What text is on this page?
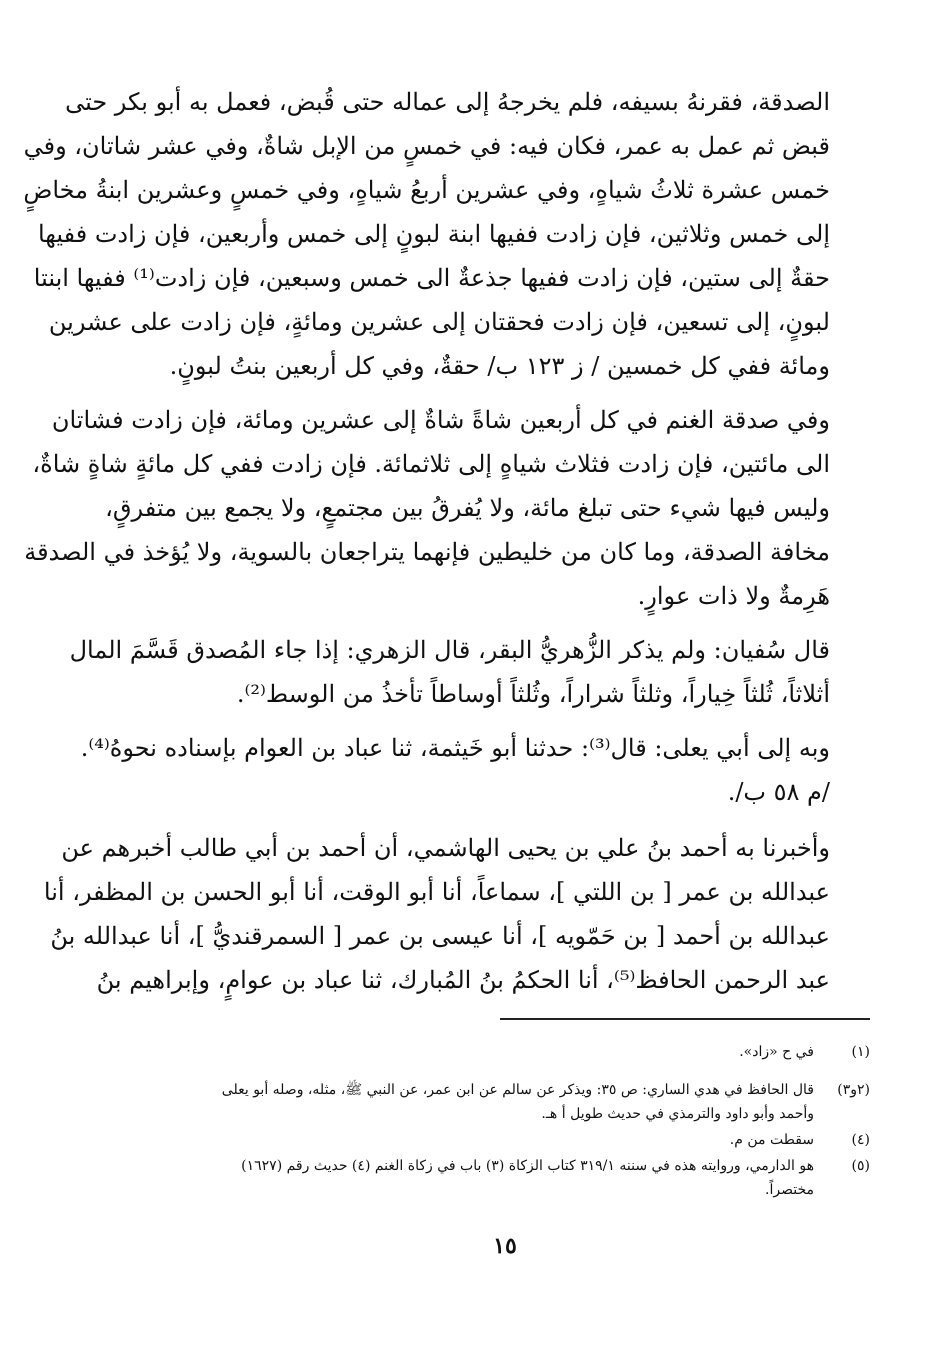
الصدقة، فقرنهُ بسيفه، فلم يخرجهُ إلى عماله حتى قُبض، فعمل به أبو بكر حتى
قبض ثم عمل به عمر، فكان فيه: في خمسٍ من الإبل شاةٌ، وفي عشر شاتان، وفي
خمس عشرة ثلاثُ شياهٍ، وفي عشرين أربعُ شياهٍ، وفي خمسٍ وعشرين ابنةُ مخاضٍ
إلى خمس وثلاثين، فإن زادت ففيها ابنة لبونٍ إلى خمس وأربعين، فإن زادت ففيها
حقةٌ إلى ستين، فإن زادت ففيها جذعةٌ الى خمس وسبعين، فإن زادت⁽¹⁾ ففيها ابنتا
لبونٍ، إلى تسعين، فإن زادت فحقتان إلى عشرين ومائةٍ، فإن زادت على عشرين
ومائة ففي كل خمسين / ز ١٢٣ ب/ حقةٌ، وفي كل أربعين بنتُ لبونٍ.
وفي صدقة الغنم في كل أربعين شاةً شاةٌ إلى عشرين ومائة، فإن زادت فشاتان
الى مائتين، فإن زادت فثلاث شياهٍ إلى ثلاثمائة. فإن زادت ففي كل مائةٍ شاةٍ شاةٌ،
وليس فيها شيء حتى تبلغ مائة، ولا يُفرقُ بين مجتمعٍ، ولا يجمع بين متفرقٍ،
مخافة الصدقة، وما كان من خليطين فإنهما يتراجعان بالسوية، ولا يُؤخذ في الصدقة
هَرِمةٌ ولا ذات عوارٍ.
قال سُفيان: ولم يذكر الزُّهريُّ البقر، قال الزهري: إذا جاء المُصدق قَسَّمَ المال
أثلاثاً، ثُلثاً خِياراً، وثلثاً شراراً، وثُلثاً أوساطاً تأخذُ من الوسط⁽²⁾.
وبه إلى أبي يعلى: قال⁽³⁾: حدثنا أبو خَيثمة، ثنا عباد بن العوام بإسناده نحوهُ⁽⁴⁾.
/م ٥٨ ب/.
وأخبرنا به أحمد بنُ علي بن يحيى الهاشمي، أن أحمد بن أبي طالب أخبرهم عن
عبدالله بن عمر [ بن اللتي ]، سماعاً، أنا أبو الوقت، أنا أبو الحسن بن المظفر، أنا
عبدالله بن أحمد [ بن حَمّويه ]، أنا عيسى بن عمر [ السمرقنديُّ ]، أنا عبدالله بنُ
عبد الرحمن الحافظ⁽⁵⁾، أنا الحكمُ بنُ المُبارك، ثنا عباد بن عوامٍ، وإبراهيم بنُ
(١)في ح «زاد».
(٢و٣)قال الحافظ في هدي الساري: ص ٣٥: ويذكر عن سالم عن ابن عمر، عن النبي ﷺ، مثله، وصله أبو يعلى
وأحمد وأبو داود والترمذي في حديث طويل أ هـ.
(٤)سقطت من م.
(٥)هو الدارمي، وروايته هذه في سننه ٣١٩/١ كتاب الزكاة (٣) باب في زكاة الغنم (٤) حديث رقم (١٦٢٧)
مختصراً.
١٥
